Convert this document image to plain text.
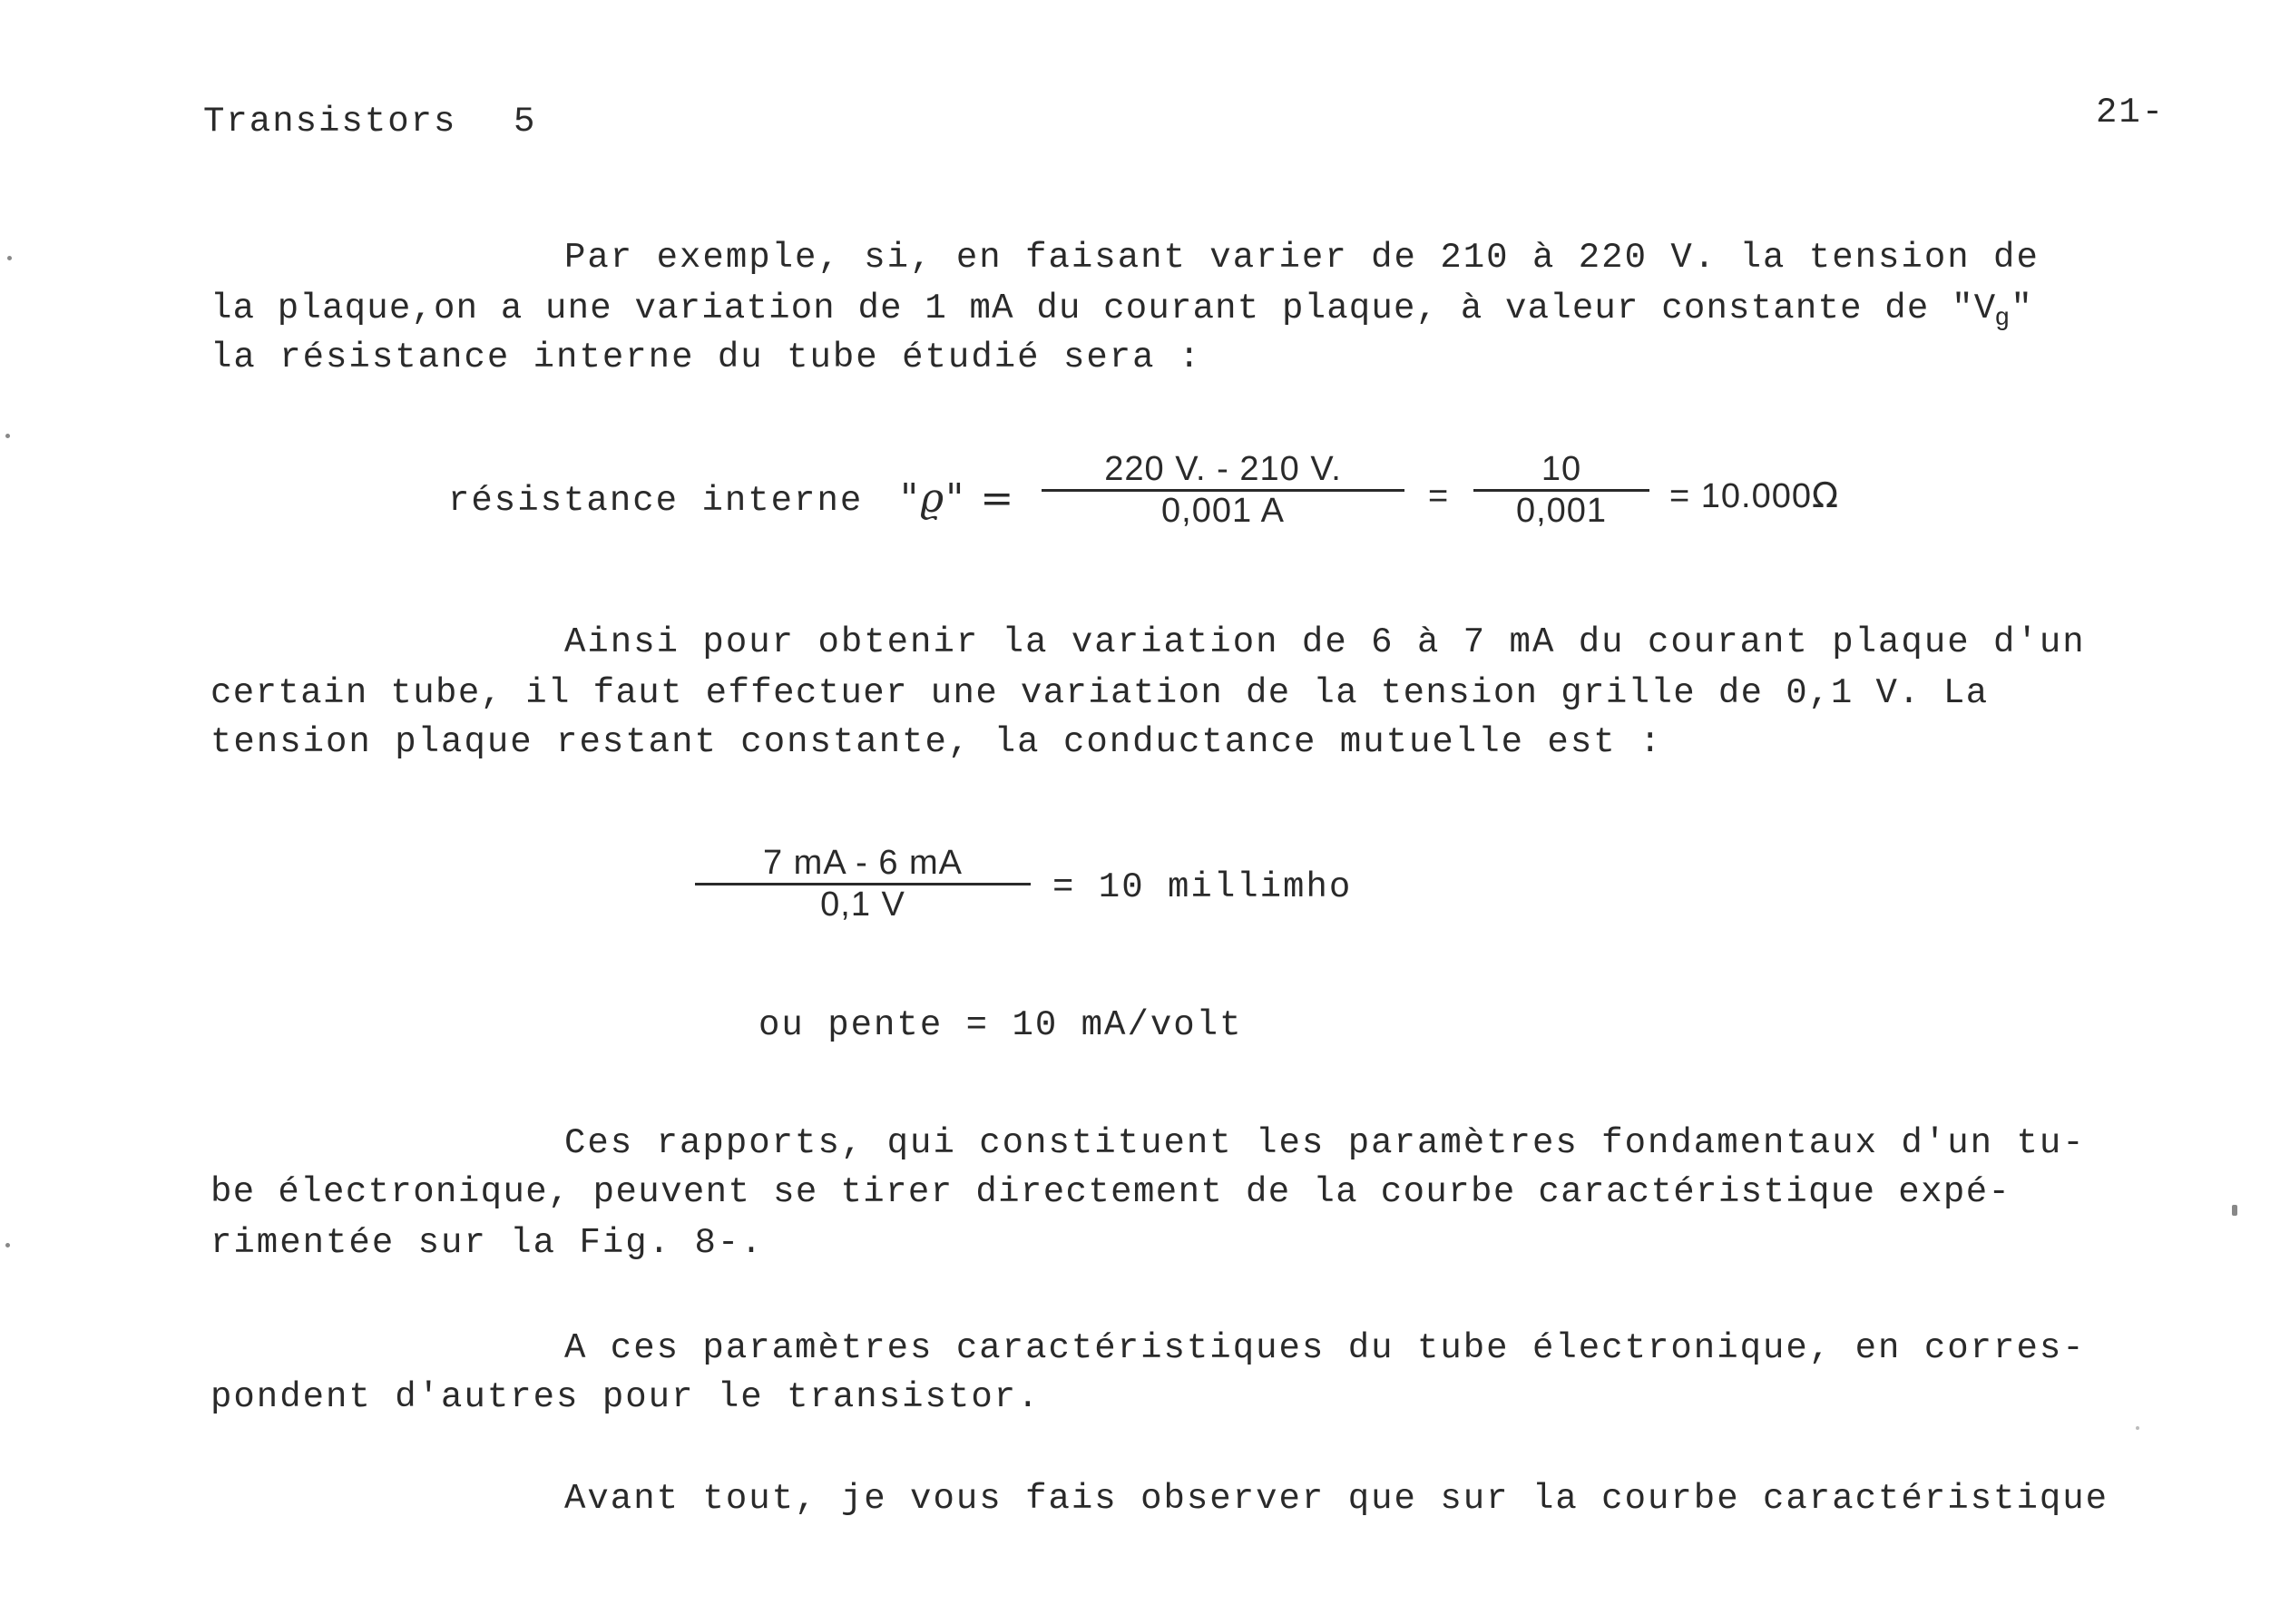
Transistors 5	21-
Par exemple, si, en faisant varier de 210 à 220 V. la tension de
la plaque,on a une variation de 1 mA du courant plaque, à valeur constante de "$V_g$"
la résistance interne du tube étudié sera :
résistance interne "ϱ" =
220 V. - 210 V.
0,001 A	=
10
0,001	= 10.000Ω
Ainsi pour obtenir la variation de 6 à 7 mA du courant plaque d'un
certain tube, il faut effectuer une variation de la tension grille de 0,1 V. La
tension plaque restant constante, la conductance mutuelle est :
7 mA - 6 mA
0,1 V	= 10 millimho
ou pente = 10 mA/volt
Ces rapports, qui constituent les paramètres fondamentaux d'un tu-
be électronique, peuvent se tirer directement de la courbe caractéristique expé-
rimentée sur la Fig. 8-.
A ces paramètres caractéristiques du tube électronique, en corres-
pondent d'autres pour le transistor.
Avant tout, je vous fais observer que sur la courbe caractéristique
